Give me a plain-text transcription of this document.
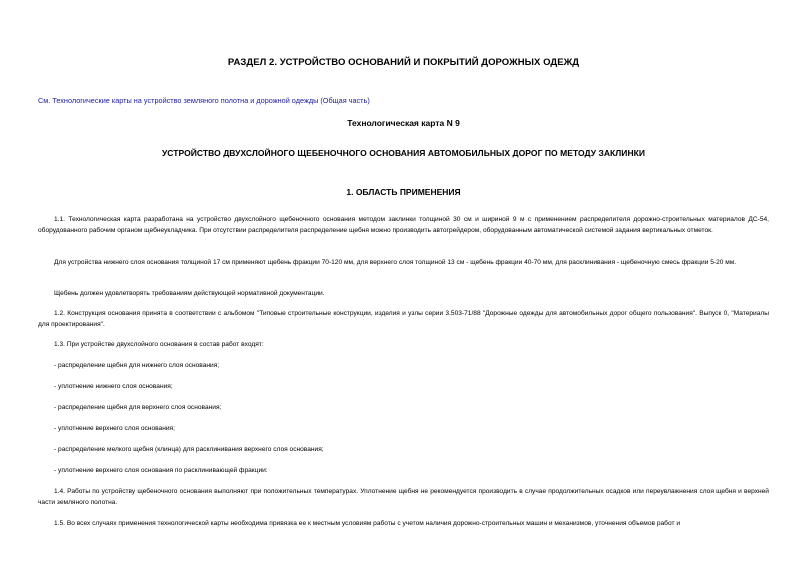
РАЗДЕЛ 2. УСТРОЙСТВО ОСНОВАНИЙ И ПОКРЫТИЙ ДОРОЖНЫХ ОДЕЖД
См. Технологические карты на устройство земляного полотна и дорожной одежды (Общая часть)
Технологическая карта N 9
УСТРОЙСТВО ДВУХСЛОЙНОГО ЩЕБЕНОЧНОГО ОСНОВАНИЯ АВТОМОБИЛЬНЫХ ДОРОГ ПО МЕТОДУ ЗАКЛИНКИ
1. ОБЛАСТЬ ПРИМЕНЕНИЯ
1.1. Технологическая карта разработана на устройство двухслойного щебеночного основания методом заклинки толщиной 30 см и шириной 9 м с применением распределителя дорожно-строительных материалов ДС-54, оборудованного рабочим органом щебнеукладчика. При отсутствии распределителя распределение щебня можно производить автогрейдером, оборудованным автоматической системой задания вертикальных отметок.
Для устройства нижнего слоя основания толщиной 17 см применяют щебень фракции 70-120 мм, для верхнего слоя толщиной 13 см - щебень фракции 40-70 мм, для расклинивания - щебеночную смесь фракции 5-20 мм.
Щебень должен удовлетворять требованиям действующей нормативной документации.
1.2. Конструкция основания принята в соответствии с альбомом "Типовые строительные конструкции, изделия и узлы серии 3.503-71/88 "Дорожные одежды для автомобильных дорог общего пользования". Выпуск 0, "Материалы для проектирования".
1.3. При устройстве двухслойного основания в состав работ входят:
- распределение щебня для нижнего слоя основания;
- уплотнение нижнего слоя основания;
- распределение щебня для верхнего слоя основания;
- уплотнение верхнего слоя основания;
- распределение мелкого щебня (клинца) для расклинивания верхнего слоя основания;
- уплотнение верхнего слоя основания по расклинивающей фракции:
1.4. Работы по устройству щебеночного основания выполняют при положительных температурах. Уплотнение щебня не рекомендуется производить в случае продолжительных осадков или переувлажнения слоя щебня и верхней части земляного полотна.
1.5. Во всех случаях применения технологической карты необходима привязка ее к местным условиям работы с учетом наличия дорожно-строительных машин и механизмов, уточнения объемов работ и
